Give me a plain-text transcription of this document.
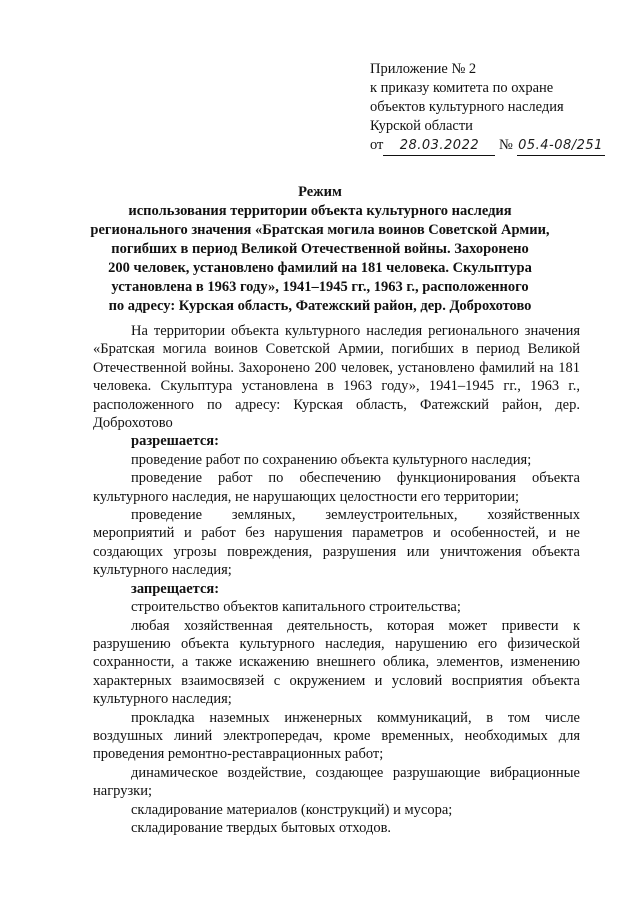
Приложение № 2
к приказу комитета по охране
объектов культурного наследия
Курской области
от 28.03.2022 № 05.4-08/251
Режим
использования территории объекта культурного наследия
регионального значения «Братская могила воинов Советской Армии,
погибших в период Великой Отечественной войны. Захоронено
200 человек, установлено фамилий на 181 человека. Скульптура
установлена в 1963 году», 1941–1945 гг., 1963 г., расположенного
по адресу: Курская область, Фатежский район, дер. Доброхотово

На территории объекта культурного наследия регионального значения «Братская могила воинов Советской Армии, погибших в период Великой Отечественной войны. Захоронено 200 человек, установлено фамилий на 181 человека. Скульптура установлена в 1963 году», 1941–1945 гг., 1963 г., расположенного по адресу: Курская область, Фатежский район, дер. Доброхотово

разрешается:

проведение работ по сохранению объекта культурного наследия;

проведение работ по обеспечению функционирования объекта культурного наследия, не нарушающих целостности его территории;

проведение земляных, землеустроительных, хозяйственных мероприятий и работ без нарушения параметров и особенностей, и не создающих угрозы повреждения, разрушения или уничтожения объекта культурного наследия;

запрещается:

строительство объектов капитального строительства;

любая хозяйственная деятельность, которая может привести к разрушению объекта культурного наследия, нарушению его физической сохранности, а также искажению внешнего облика, элементов, изменению характерных взаимосвязей с окружением и условий восприятия объекта культурного наследия;

прокладка наземных инженерных коммуникаций, в том числе воздушных линий электропередач, кроме временных, необходимых для проведения ремонтно-реставрационных работ;

динамическое воздействие, создающее разрушающие вибрационные нагрузки;

складирование материалов (конструкций) и мусора;

складирование твердых бытовых отходов.
